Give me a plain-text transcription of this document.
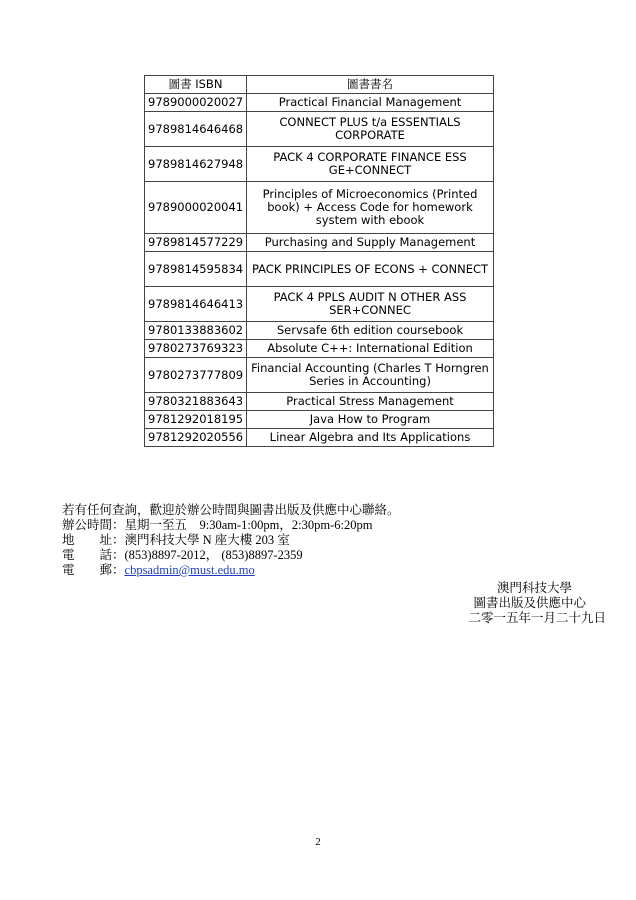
圖書 ISBN	圖書書名
9789000020027	Practical Financial Management
9789814646468	CONNECT PLUS t/a ESSENTIALS CORPORATE
9789814627948	PACK 4 CORPORATE FINANCE ESS GE+CONNECT
9789000020041	Principles of Microeconomics (Printed book) + Access Code for homework system with ebook
9789814577229	Purchasing and Supply Management
9789814595834	PACK PRINCIPLES OF ECONS + CONNECT
9789814646413	PACK 4 PPLS AUDIT N OTHER ASS SER+CONNEC
9780133883602	Servsafe 6th edition coursebook
9780273769323	Absolute C++: International Edition
9780273777809	Financial Accounting (Charles T Horngren Series in Accounting)
9780321883643	Practical Stress Management
9781292018195	Java How to Program
9781292020556	Linear Algebra and Its Applications
若有任何查詢，歡迎於辦公時間與圖書出版及供應中心聯絡。
辦公時間：星期一至五　9:30am-1:00pm，2:30pm-6:20pm
地　　址：澳門科技大學 N 座大樓 203 室
電　　話：(853)8897-2012， (853)8897-2359
電　　郵：cbpsadmin@must.edu.mo
澳門科技大學
圖書出版及供應中心
二零一五年一月二十九日
2
